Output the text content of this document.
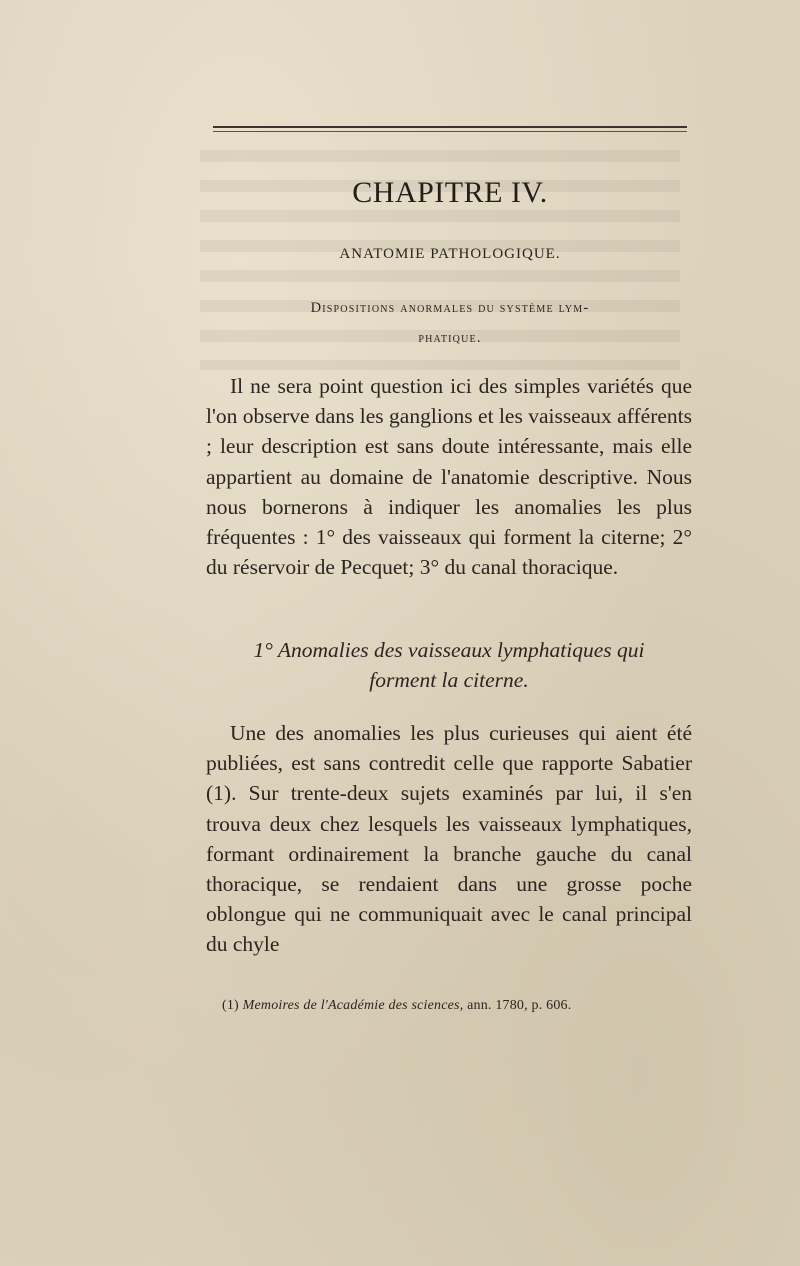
CHAPITRE IV.
ANATOMIE PATHOLOGIQUE.
Dispositions anormales du système lym-
phatique.

Il ne sera point question ici des simples variétés que l'on observe dans les ganglions et les vaisseaux afférents ; leur description est sans doute intéressante, mais elle appartient au domaine de l'anatomie descriptive. Nous nous bornerons à indiquer les anomalies les plus fréquentes : 1° des vaisseaux qui forment la citerne; 2° du réservoir de Pecquet; 3° du canal thoracique.

1° Anomalies des vaisseaux lymphatiques qui
forment la citerne.

Une des anomalies les plus curieuses qui aient été publiées, est sans contredit celle que rapporte Sabatier (1). Sur trente-deux sujets examinés par lui, il s'en trouva deux chez lesquels les vaisseaux lymphatiques, formant ordinairement la branche gauche du canal thoracique, se rendaient dans une grosse poche oblongue qui ne communiquait avec le canal principal du chyle

(1) Memoires de l'Académie des sciences, ann. 1780, p. 606.
